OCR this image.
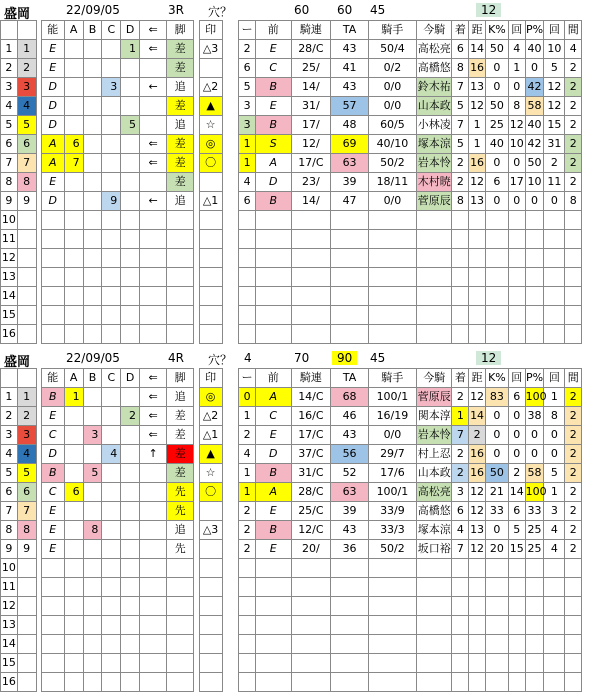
盛岡	22/09/05	3R 穴？	60	60	45	12
			能	A	B	C	D	⇐	脚		印		ー	前	騎連	TA	騎手	今騎	着	距	K%	回	P%	回	間	
1	1		E				1	⇐	差		△3		2	E	28/C	43	50/4	高松亮	6	14	50	4	40	10	4	
2	2		E						差				6	C	25/	41	0/2	高橋悠	8	16	0	1	0	5	2	
3	3		D			3		←	追		△2		5	B	14/	43	0/0	鈴木祐	7	13	0	0	42	12	2	
4	4		D						差		▲		3	E	31/	57	0/0	山本政	5	12	50	8	58	12	2	
5	5		D				5		追		☆		3	B	17/	48	60/5	小林凌	7	1	25	12	40	15	2	
6	6		A	6				⇐	差		◎		1	S	12/	69	40/10	塚本涼	5	1	40	10	42	31	2	
7	7		A	7				⇐	差		〇		1	A	17/C	63	50/2	岩本怜	2	16	0	0	50	2	2	
8	8		E						差				4	D	23/	39	18/11	木村暁	2	12	6	17	10	11	2	
9	9		D			9		←	追		△1		6	B	14/	47	0/0	菅原辰	8	13	0	0	0	0	8	
10																										
11																										
12																										
13																										
14																										
15																										
16																										
盛岡	22/09/05	4R 穴？ 4	70	90	45	12
			能	A	B	C	D	⇐	脚		印		ー	前	騎連	TA	騎手	今騎	着	距	K%	回	P%	回	間	
1	1		B	1				⇐	追		◎		0	A	14/C	68	100/1	菅原辰	2	12	83	6	100	1	2	
2	2		E				2	⇐	差		△2		1	C	16/C	46	16/19	関本淳	1	14	0	0	38	8	2	
3	3		C		3			⇐	差		△1		2	E	17/C	43	0/0	岩本怜	7	2	0	0	0	0	2	
4	4		D			4		↑	差		▲		4	D	37/C	56	29/7	村上忍	2	16	0	0	0	0	2	
5	5		B		5				差		☆		1	B	31/C	52	17/6	山本政	2	16	50	2	58	5	2	
6	6		C	6					先		〇		1	A	28/C	63	100/1	高松亮	3	12	21	14	100	1	2	
7	7		E						先				2	E	25/C	39	33/9	高橋悠	6	12	33	6	33	3	2	
8	8		E		8				追		△3		2	B	12/C	43	33/3	塚本涼	4	13	0	5	25	4	2	
9	9		E						先				2	E	20/	36	50/2	坂口裕	7	12	20	15	25	4	2	
10																										
11																										
12																										
13																										
14																										
15																										
16																										
